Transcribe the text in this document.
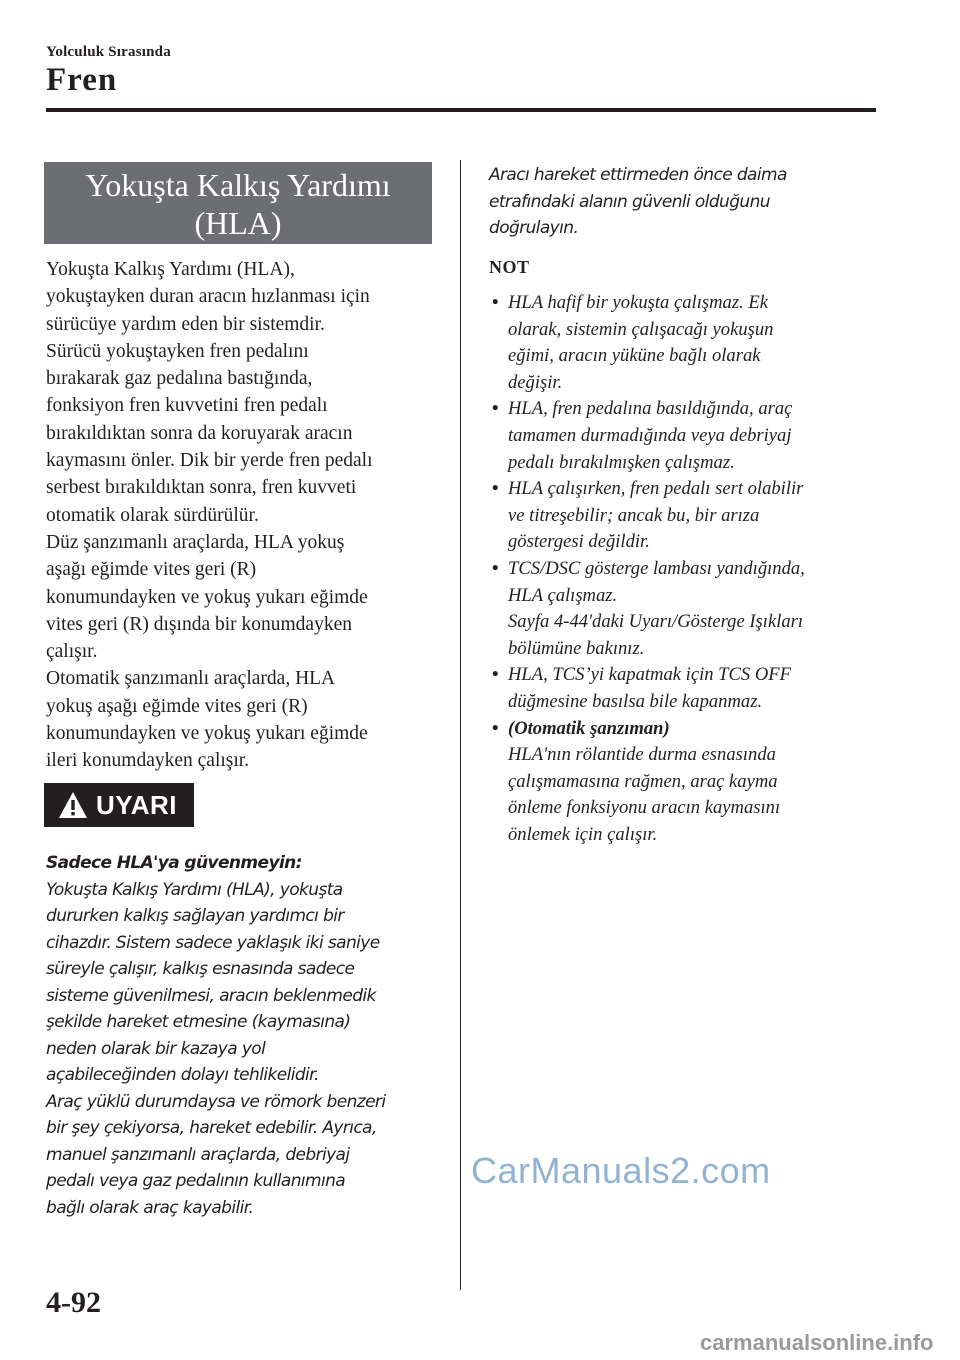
Yolculuk Sırasında
Fren
Yokuşta Kalkış Yardımı
(HLA)
Yokuşta Kalkış Yardımı (HLA),
yokuştayken duran aracın hızlanması için
sürücüye yardım eden bir sistemdir.
Sürücü yokuştayken fren pedalını
bırakarak gaz pedalına bastığında,
fonksiyon fren kuvvetini fren pedalı
bırakıldıktan sonra da koruyarak aracın
kaymasını önler. Dik bir yerde fren pedalı
serbest bırakıldıktan sonra, fren kuvveti
otomatik olarak sürdürülür.
Düz şanzımanlı araçlarda, HLA yokuş
aşağı eğimde vites geri (R)
konumundayken ve yokuş yukarı eğimde
vites geri (R) dışında bir konumdayken
çalışır.
Otomatik şanzımanlı araçlarda, HLA
yokuş aşağı eğimde vites geri (R)
konumundayken ve yokuş yukarı eğimde
ileri konumdayken çalışır.
UYARI
Sadece HLA'ya güvenmeyin:
Yokuşta Kalkış Yardımı (HLA), yokuşta
dururken kalkış sağlayan yardımcı bir
cihazdır. Sistem sadece yaklaşık iki saniye
süreyle çalışır, kalkış esnasında sadece
sisteme güvenilmesi, aracın beklenmedik
şekilde hareket etmesine (kaymasına)
neden olarak bir kazaya yol
açabileceğinden dolayı tehlikelidir.
Araç yüklü durumdaysa ve römork benzeri
bir şey çekiyorsa, hareket edebilir. Ayrıca,
manuel şanzımanlı araçlarda, debriyaj
pedalı veya gaz pedalının kullanımına
bağlı olarak araç kayabilir.
Aracı hareket ettirmeden önce daima
etrafındaki alanın güvenli olduğunu
doğrulayın.
NOT
• HLA hafif bir yokuşta çalışmaz. Ek
olarak, sistemin çalışacağı yokuşun
eğimi, aracın yüküne bağlı olarak
değişir.
• HLA, fren pedalına basıldığında, araç
tamamen durmadığında veya debriyaj
pedalı bırakılmışken çalışmaz.
• HLA çalışırken, fren pedalı sert olabilir
ve titreşebilir; ancak bu, bir arıza
göstergesi değildir.
• TCS/DSC gösterge lambası yandığında,
HLA çalışmaz.
Sayfa 4-44'daki Uyarı/Gösterge Işıkları
bölümüne bakınız.
• HLA, TCS’yi kapatmak için TCS OFF
düğmesine basılsa bile kapanmaz.
• (Otomatik şanzıman)
HLA'nın rölantide durma esnasında
çalışmamasına rağmen, araç kayma
önleme fonksiyonu aracın kaymasını
önlemek için çalışır.
CarManuals2.com
4-92
carmanualsonline.info
